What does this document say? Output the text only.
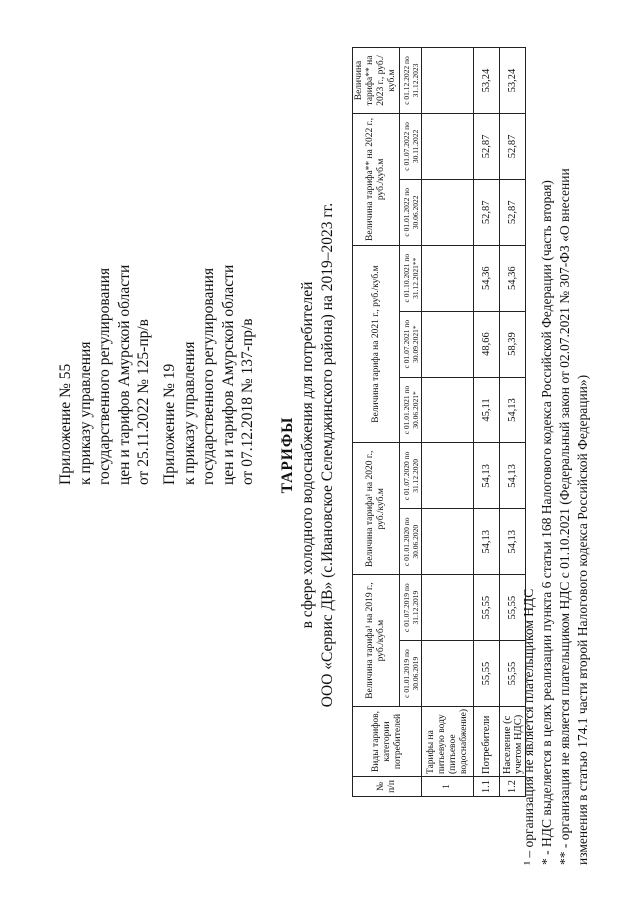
Приложение № 55 к приказу управления государственного регулирования цен и тарифов Амурской области от 25.11.2022 № 125-пр/в Приложение № 19 к приказу управления государственного регулирования цен и тарифов Амурской области от 07.12.2018 № 137-пр/в ТАРИФЫ в сфере холодного водоснабжения для потребителей ООО «Сервис ДВ» (с.Ивановское Селемджинского района) на 2019–2023 гг.
№ п/п	Виды тарифов, категории потребителей	Величина тарифа¹ на 2019 г., руб./куб.м		Величина тарифа¹ на 2020 г., руб./куб.м		Величина тарифа на 2021 г., руб./куб.м			Величина тарифа** на 2022 г., руб./куб.м		Величина тарифа** на 2023 г., руб./куб.м
		с 01.01.2019 по 30.06.2019	с 01.07.2019 по 31.12.2019	с 01.01.2020 по 30.06.2020	с 01.07.2020 по 31.12.2020	с 01.01.2021 по 30.06.2021*	с 01.07.2021 по 30.09.2021*	с 01.10.2021 по 31.12.2021**	с 01.01.2022 по 30.06.2022	с 01.07.2022 по 30.11.2022	с 01.12.2022 по 31.12.2023
1	Тарифы на питьевую воду (питьевое водоснабжение)										
1.1	Потребители	55,55	55,55	54,13	54,13	45,11	48,66	54,36	52,87	52,87	53,24
1.2	Население (с учетом НДС)	55,55	55,55	54,13	54,13	54,13	58,39	54,36	52,87	52,87	53,24
¹ – организация не является плательщиком НДС * - НДС выделяется в целях реализации пункта 6 статьи 168 Налогового кодекса Российской Федерации (часть вторая) ** - организация не является плательщиком НДС с 01.10.2021 (Федеральный закон от 02.07.2021 № 307-ФЗ «О внесении изменения в статью 174.1 части второй Налогового кодекса Российской Федерации»)
